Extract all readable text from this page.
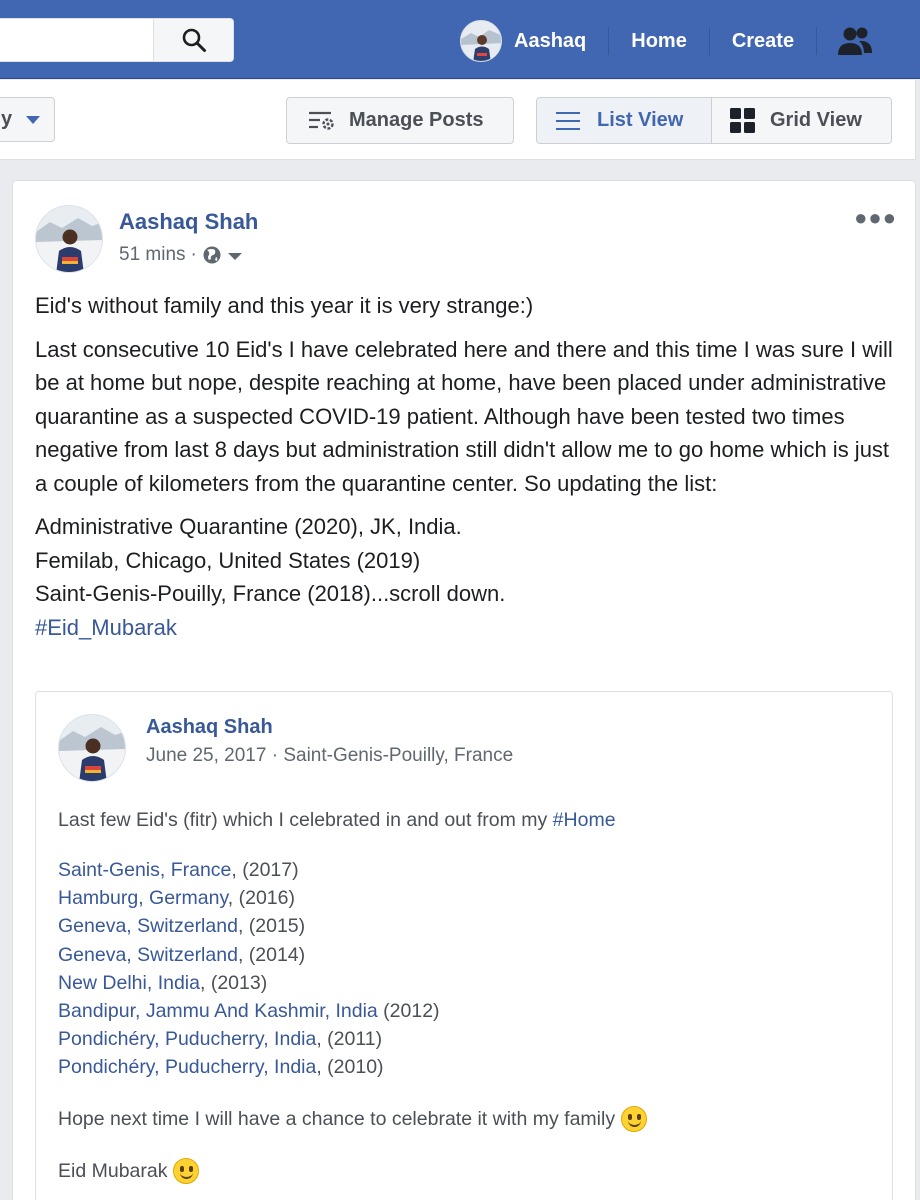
Aashaq	Home	Create
y	Manage Posts	List View	Grid View
Aashaq Shah
51 mins ·
●●●

Eid's without family and this year it is very strange:)

Last consecutive 10 Eid's I have celebrated here and there and this time I was sure I will be at home but nope, despite reaching at home, have been placed under administrative quarantine as a suspected COVID-19 patient. Although have been tested two times negative from last 8 days but administration still didn't allow me to go home which is just a couple of kilometers from the quarantine center. So updating the list:

Administrative Quarantine (2020), JK, India.
Femilab, Chicago, United States (2019)
Saint-Genis-Pouilly, France (2018)...scroll down.
#Eid_Mubarak
Aashaq Shah
June 25, 2017 · Saint-Genis-Pouilly, France
Last few Eid's (fitr) which I celebrated in and out from my #Home
Saint-Genis, France, (2017)
Hamburg, Germany, (2016)
Geneva, Switzerland, (2015)
Geneva, Switzerland, (2014)
New Delhi, India, (2013)
Bandipur, Jammu And Kashmir, India (2012)
Pondichéry, Puducherry, India, (2011)
Pondichéry, Puducherry, India, (2010)
Hope next time I will have a chance to celebrate it with my family
Eid Mubarak
